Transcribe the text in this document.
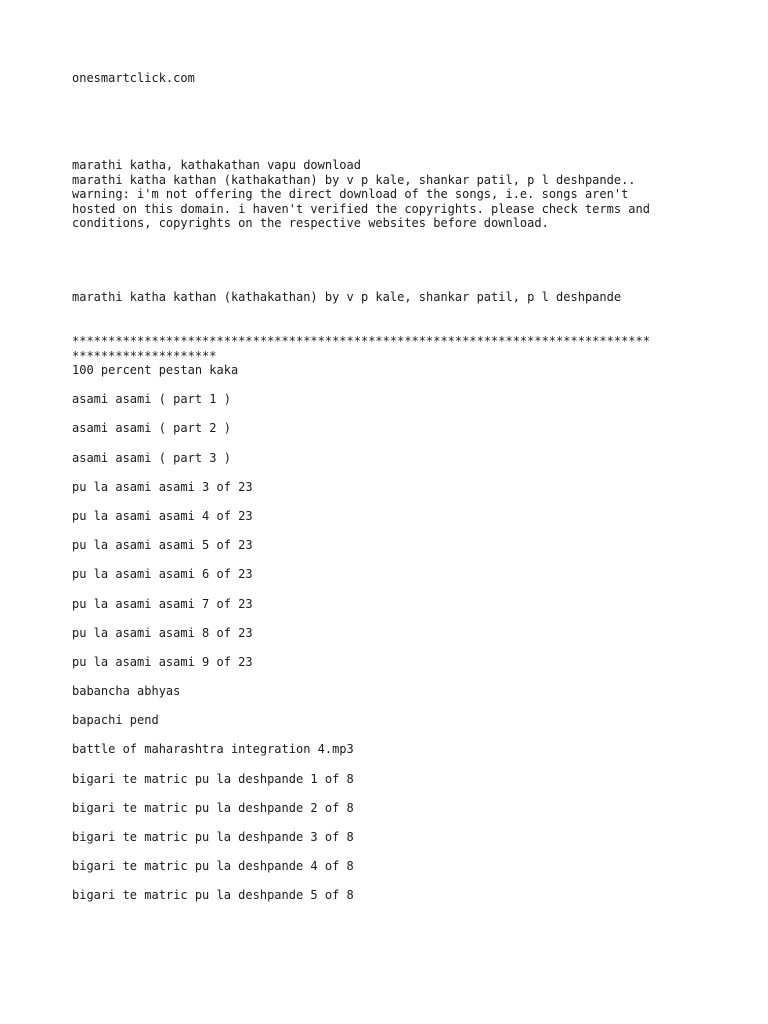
onesmartclick.com
marathi katha, kathakathan vapu download
marathi katha kathan (kathakathan) by v p kale, shankar patil, p l deshpande..
warning: i'm not offering the direct download of the songs, i.e. songs aren't
hosted on this domain. i haven't verified the copyrights. please check terms and
conditions, copyrights on the respective websites before download.
marathi katha kathan (kathakathan) by v p kale, shankar patil, p l deshpande
********************************************************************************
********************
100 percent pestan kaka
asami asami ( part 1 )
asami asami ( part 2 )
asami asami ( part 3 )
pu la asami asami 3 of 23
pu la asami asami 4 of 23
pu la asami asami 5 of 23
pu la asami asami 6 of 23
pu la asami asami 7 of 23
pu la asami asami 8 of 23
pu la asami asami 9 of 23
babancha abhyas
bapachi pend
battle of maharashtra integration 4.mp3
bigari te matric pu la deshpande 1 of 8
bigari te matric pu la deshpande 2 of 8
bigari te matric pu la deshpande 3 of 8
bigari te matric pu la deshpande 4 of 8
bigari te matric pu la deshpande 5 of 8
